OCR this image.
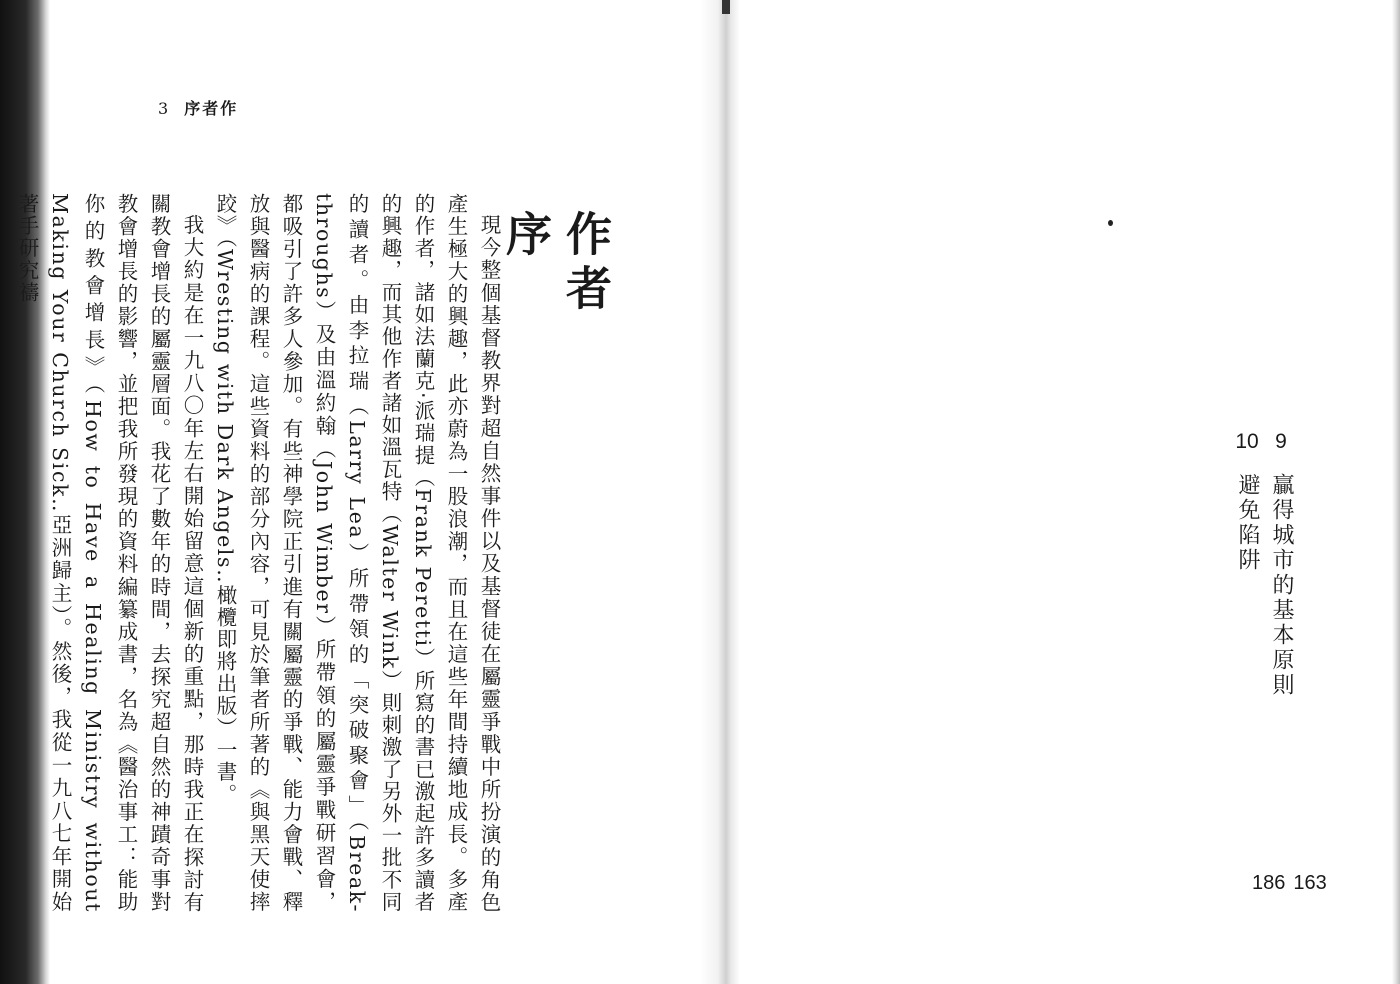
3 序者作

現今整個基督教界對超自然事件以及基督徒在屬靈爭戰中所扮演的角色產生極大的興趣，此亦蔚為一股浪潮，而且在這些年間持續地成長。多產的作者，諸如法蘭克‧派瑞提（Frank Peretti）所寫的書已激起許多讀者的興趣，而其他作者諸如溫瓦特（Walter Wink）則刺激了另外一批不同的讀者。由李拉瑞（Larry Lea）所帶領的「突破聚會」（Break-throughs）及由溫約翰（John Wimber）所帶領的屬靈爭戰研習會，都吸引了許多人參加。有些神學院正引進有關屬靈的爭戰、能力會戰、釋放與醫病的課程。這些資料的部分內容，可見於筆者所著的《與黑天使摔跤》（Wresting with Dark Angels‥橄欖即將出版）一書。

我大約是在一九八〇年左右開始留意這個新的重點，那時我正在探討有關教會增長的屬靈層面。我花了數年的時間，去探究超自然的神蹟奇事對教會增長的影響，並把我所發現的資料編纂成書，名為《醫治事工：能助你的教會增長》（How to Have a Healing Ministry without Making Your Church Sick‥亞洲歸主）。然後，我從一九八七年開始著手研究禱	作者序
9贏得城市的基本原則
10避免陷阱
186 163
